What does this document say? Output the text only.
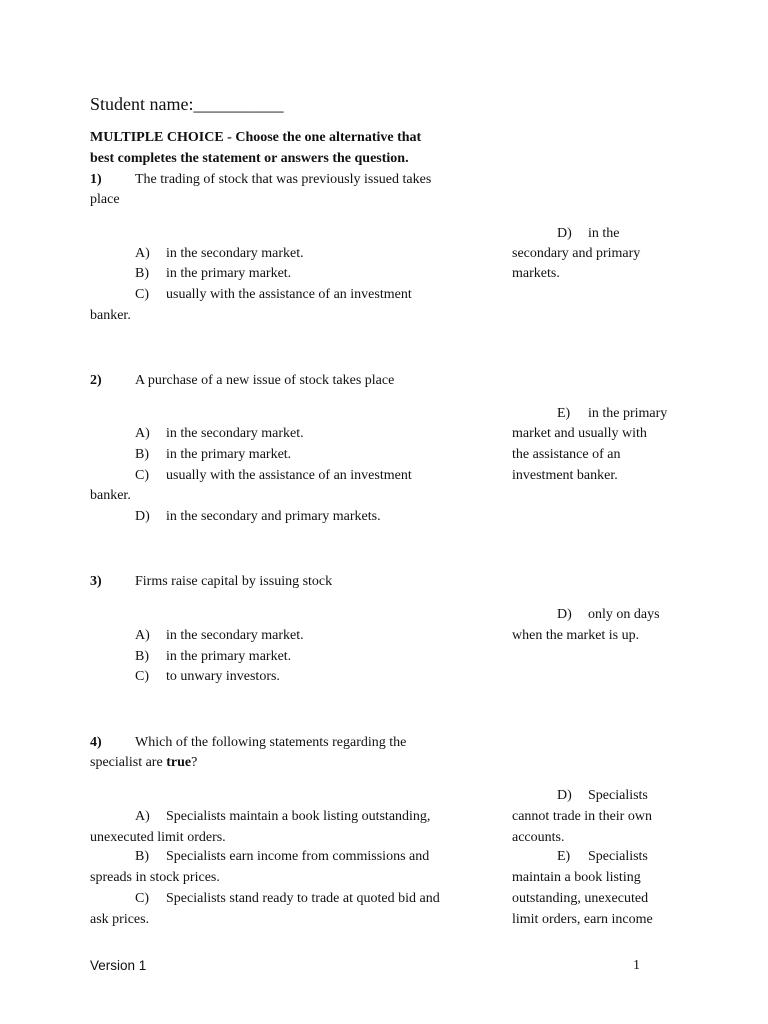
Student name:__________
MULTIPLE CHOICE - Choose the one alternative that
best completes the statement or answers the question.
1) The trading of stock that was previously issued takes
place
A) in the secondary market.
B) in the primary market.
C) usually with the assistance of an investment
banker.
D) in the
secondary and primary
markets.
2) A purchase of a new issue of stock takes place
A) in the secondary market.
B) in the primary market.
C) usually with the assistance of an investment
banker.
D) in the secondary and primary markets.
E) in the primary
market and usually with
the assistance of an
investment banker.
3) Firms raise capital by issuing stock
A) in the secondary market.
B) in the primary market.
C) to unwary investors.
D) only on days
when the market is up.
4) Which of the following statements regarding the
specialist are true?
A) Specialists maintain a book listing outstanding,
unexecuted limit orders.
B) Specialists earn income from commissions and
spreads in stock prices.
C) Specialists stand ready to trade at quoted bid and
ask prices.
D) Specialists
cannot trade in their own
accounts.
E) Specialists
maintain a book listing
outstanding, unexecuted
limit orders, earn income
Version 1	1
